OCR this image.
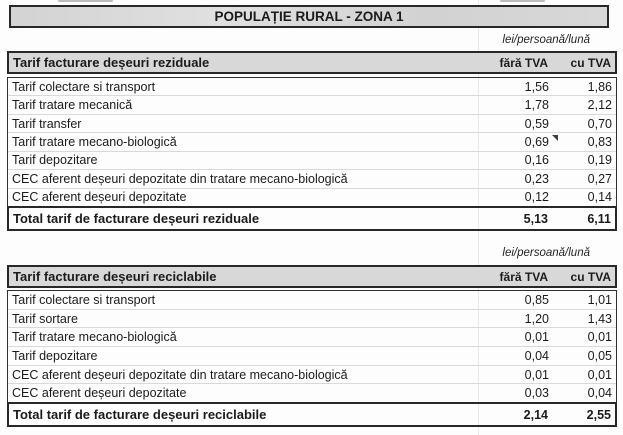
POPULAȚIE RURAL - ZONA 1
lei/persoană/lună
Tarif facturare deșeuri reziduale	fără TVA	cu TVA
Tarif colectare si transport	1,56	1,86
Tarif tratare mecanică	1,78	2,12
Tarif transfer	0,59	0,70
Tarif tratare mecano-biologică	0,69	0,83
Tarif depozitare	0,16	0,19
CEC aferent deșeuri depozitate din tratare mecano-biologică	0,23	0,27
CEC aferent deșeuri depozitate	0,12	0,14
Total tarif de facturare deșeuri reziduale	5,13	6,11
lei/persoană/lună
Tarif facturare deșeuri reciclabile	fără TVA	cu TVA
Tarif colectare si transport	0,85	1,01
Tarif sortare	1,20	1,43
Tarif tratare mecano-biologică	0,01	0,01
Tarif depozitare	0,04	0,05
CEC aferent deșeuri depozitate din tratare mecano-biologică	0,01	0,01
CEC aferent deșeuri depozitate	0,03	0,04
Total tarif de facturare deșeuri reciclabile	2,14	2,55
